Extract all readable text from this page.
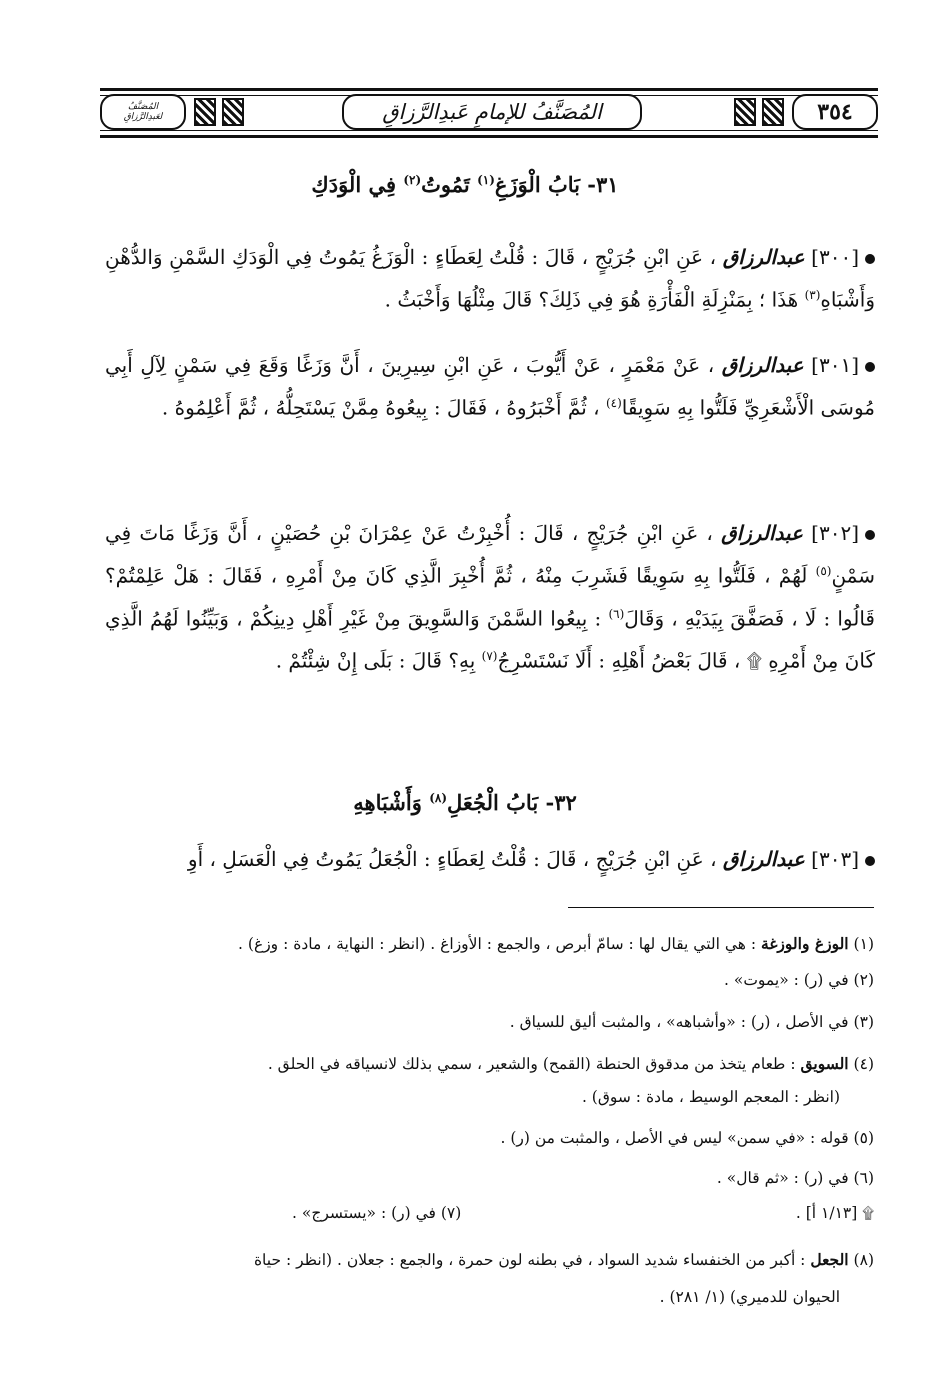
٣٥٤
المُصَنَّفُ للإمامِ عَبدِالرَّزاقِ
المُصَنَّفُ
لعَبدِالرَّزاقِ
٣١- بَابُ الْوَزَغِ$^{(١)}$ تَمُوتُ$^{(٢)}$ فِي الْوَدَكِ
[٣٠٠] عبدالرزاق ، عَنِ ابْنِ جُرَيْجٍ ، قَالَ : قُلْتُ لِعَطَاءٍ : الْوَزَغُ يَمُوتُ فِي الْوَدَكِ السَّمْنِ وَالدُّهْنِ وَأَشْبَاهِ$^{(٣)}$ هَذَا ؛ بِمَنْزِلَةِ الْفَأْرَةِ هُوَ فِي ذَلِكَ؟ قَالَ مِثْلُهَا وَأَخْبَثُ .
[٣٠١] عبدالرزاق ، عَنْ مَعْمَرٍ ، عَنْ أَيُّوبَ ، عَنِ ابْنِ سِيرِينَ ، أَنَّ وَزَغًا وَقَعَ فِي سَمْنٍ لِآلِ أَبِي مُوسَى الْأَشْعَرِيِّ فَلَتُّوا بِهِ سَوِيقًا$^{(٤)}$ ، ثُمَّ أَخْبَرُوهُ ، فَقَالَ : بِيعُوهُ مِمَّنْ يَسْتَحِلُّهُ ، ثُمَّ أَعْلِمُوهُ .
[٣٠٢] عبدالرزاق ، عَنِ ابْنِ جُرَيْجٍ ، قَالَ : أُخْبِرْتُ عَنْ عِمْرَانَ بْنِ حُصَيْنٍ ، أَنَّ وَزَغًا مَاتَ فِي سَمْنٍ$^{(٥)}$ لَهُمْ ، فَلَتُّوا بِهِ سَوِيقًا فَشَرِبَ مِنْهُ ، ثُمَّ أُخْبِرَ الَّذِي كَانَ مِنْ أَمْرِهِ ، فَقَالَ : هَلْ عَلِمْتُمْ؟ قَالُوا : لَا ، فَصَفَّقَ بِيَدَيْهِ ، وَقَالَ$^{(٦)}$ : بِيعُوا السَّمْنَ وَالسَّوِيقَ مِنْ غَيْرِ أَهْلِ دِينِكُمْ ، وَبَيِّنُوا لَهُمُ الَّذِي كَانَ مِنْ أَمْرِهِ ۩ ، قَالَ بَعْضُ أَهْلِهِ : أَلَا نَسْتَسْرِجُ$^{(٧)}$ بِهِ؟ قَالَ : بَلَى إِنْ شِئْتُمْ .
٣٢- بَابُ الْجُعَلِ$^{(٨)}$ وَأَشْبَاهِهِ
[٣٠٣] عبدالرزاق ، عَنِ ابْنِ جُرَيْجٍ ، قَالَ : قُلْتُ لِعَطَاءٍ : الْجُعَلُ يَمُوتُ فِي الْعَسَلِ ، أَوِ
(١) الوزغ والوزغة : هي التي يقال لها : سامّ أبرص ، والجمع : الأوزاغ . (انظر : النهاية ، مادة : وزغ) .
(٢) في (ر) : «يموت» .
(٣) في الأصل ، (ر) : «وأشباهه» ، والمثبت أليق للسياق .
(٤) السويق : طعام يتخذ من مدقوق الحنطة (القمح) والشعير ، سمي بذلك لانسياقه في الحلق .
(انظر : المعجم الوسيط ، مادة : سوق) .
(٥) قوله : «في سمن» ليس في الأصل ، والمثبت من (ر) .
(٦) في (ر) : «ثم قال» .
۩ [١/١٣ أ] .
(٧) في (ر) : «يستسرج» .
(٨) الجعل : أكبر من الخنفساء شديد السواد ، في بطنه لون حمرة ، والجمع : جعلان . (انظر : حياة
الحيوان للدميري) (١/ ٢٨١) .
